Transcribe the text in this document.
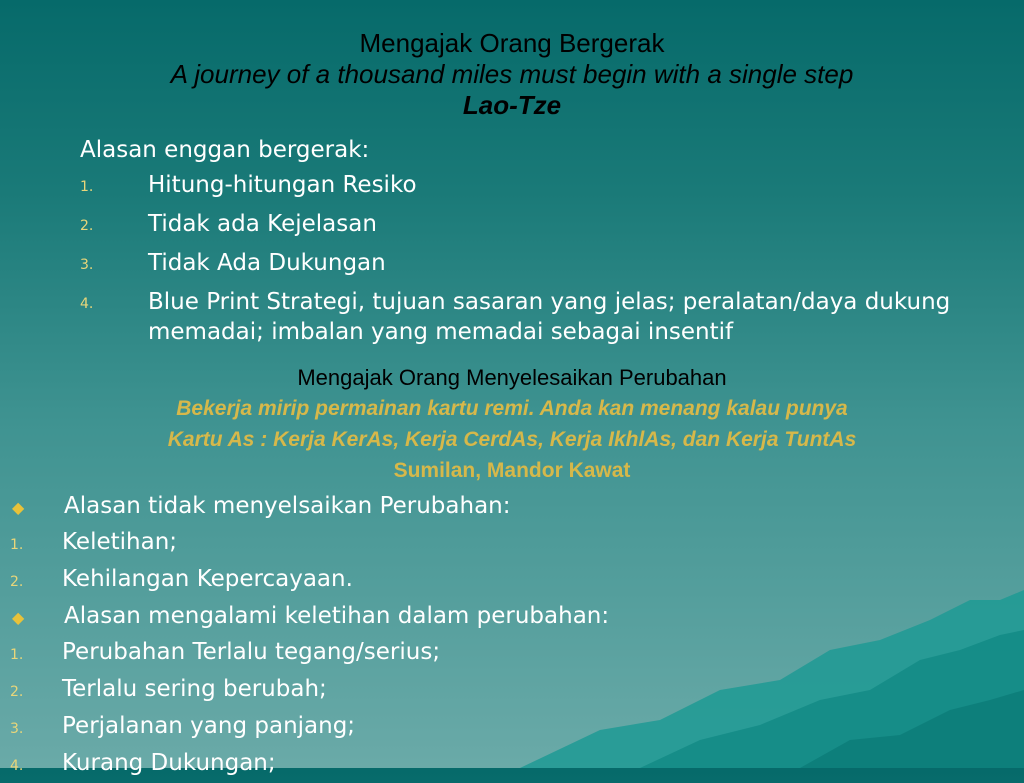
Mengajak Orang Bergerak
A journey of a thousand miles must begin with a single step
Lao-Tze
Alasan enggan bergerak:
1.	Hitung-hitungan Resiko
2.	Tidak ada Kejelasan
3.	Tidak Ada Dukungan
4.	Blue Print Strategi, tujuan sasaran yang jelas; peralatan/daya dukung memadai; imbalan yang memadai sebagai insentif
Mengajak Orang Menyelesaikan Perubahan
Bekerja mirip permainan kartu remi. Anda kan menang kalau punya
Kartu As : Kerja KerAs, Kerja CerdAs, Kerja IkhlAs, dan Kerja TuntAs
Sumilan, Mandor Kawat
◆	Alasan tidak menyelsaikan Perubahan:
1.	Keletihan;
2.	Kehilangan Kepercayaan.
◆	Alasan mengalami keletihan dalam perubahan:
1.	Perubahan Terlalu tegang/serius;
2.	Terlalu sering berubah;
3.	Perjalanan yang panjang;
4.	Kurang Dukungan;
